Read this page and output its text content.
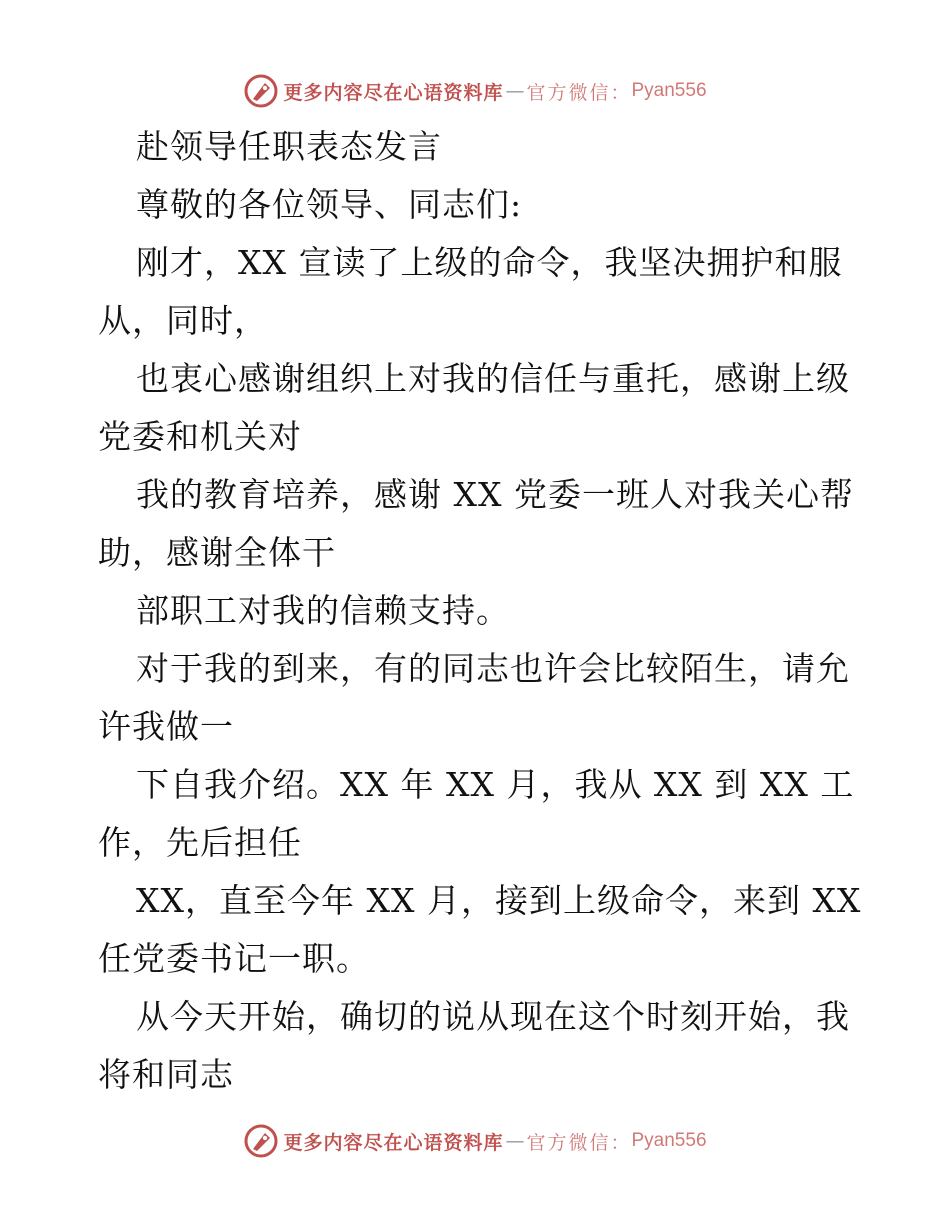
更多内容尽在心语资料库 — 官方微信： Pyan556
赴领导任职表态发言
尊敬的各位领导、同志们:
刚才，XX 宣读了上级的命令，我坚决拥护和服
从，同时，
也衷心感谢组织上对我的信任与重托，感谢上级
党委和机关对
我的教育培养，感谢 XX 党委一班人对我关心帮
助，感谢全体干
部职工对我的信赖支持。
对于我的到来，有的同志也许会比较陌生，请允
许我做一
下自我介绍。XX 年 XX 月，我从 XX 到 XX 工
作，先后担任
XX，直至今年 XX 月，接到上级命令，来到 XX
任党委书记一职。
从今天开始，确切的说从现在这个时刻开始，我
将和同志
更多内容尽在心语资料库 — 官方微信： Pyan556
